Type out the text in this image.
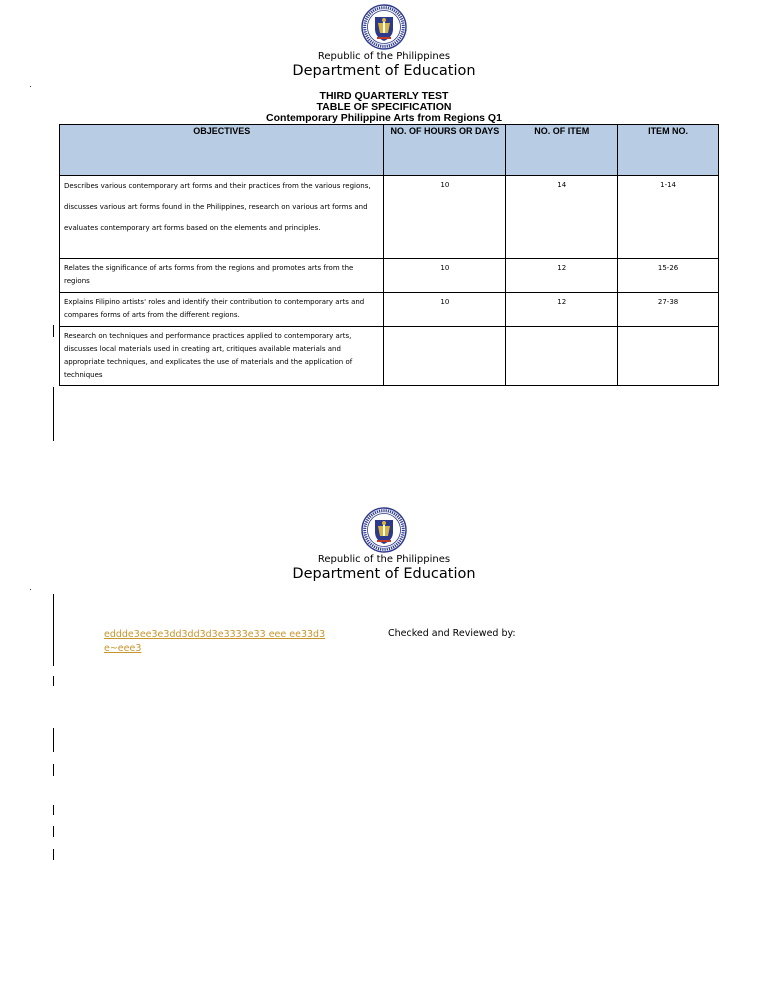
Republic of the Philippines
Department of Education
THIRD QUARTERLY TEST
TABLE OF SPECIFICATION
Contemporary Philippine Arts from Regions Q1
OBJECTIVES	NO. OF HOURS OR DAYS	NO. OF ITEM	ITEM NO.
Describes various contemporary art forms and their practices from the various regions, discusses various art forms found in the Philippines, research on various art forms and evaluates contemporary art forms based on the elements and principles.	10	14	1-14
Relates the significance of arts forms from the regions and promotes arts from the regions	10	12	15-26
Explains Filipino artists' roles and identify their contribution to contemporary arts and compares forms of arts from the different regions.	10	12	27-38
Research on techniques and performance practices applied to contemporary arts, discusses local materials used in creating art, critiques available materials and appropriate techniques, and explicates the use of materials and the application of techniques			
Republic of the Philippines
Department of Education
eddde3ee3e3dd3dd3d3e3333e33 eee ee33d3
e~eee3
Checked and Reviewed by:
